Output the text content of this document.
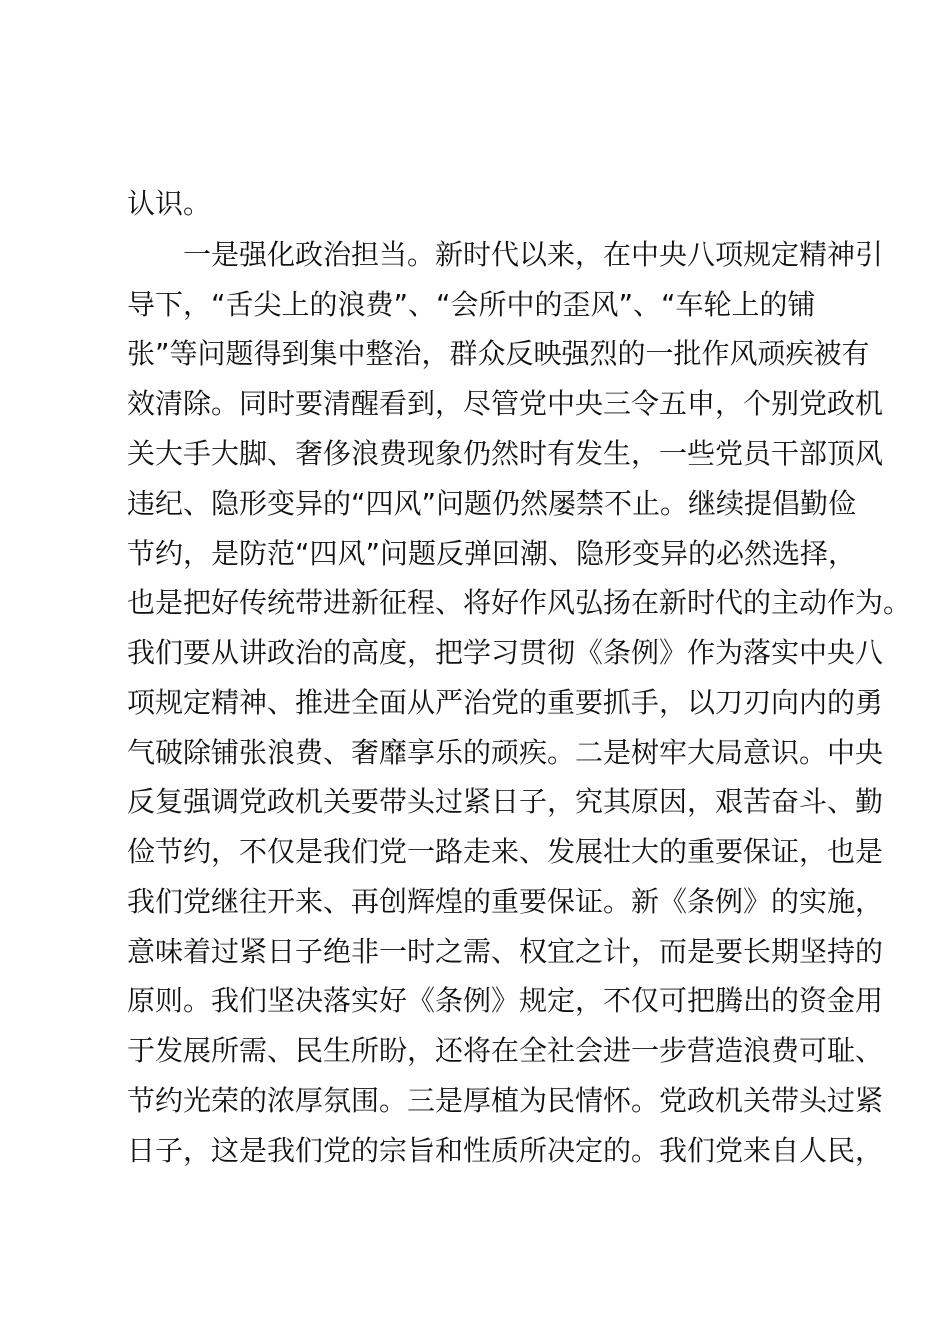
认识。
一是强化政治担当。新时代以来，在中央八项规定精神引
导下，“舌尖上的浪费”、“会所中的歪风”、“车轮上的铺
张”等问题得到集中整治，群众反映强烈的一批作风顽疾被有
效清除。同时要清醒看到，尽管党中央三令五申，个别党政机
关大手大脚、奢侈浪费现象仍然时有发生，一些党员干部顶风
违纪、隐形变异的“四风”问题仍然屡禁不止。继续提倡勤俭
节约，是防范“四风”问题反弹回潮、隐形变异的必然选择，
也是把好传统带进新征程、将好作风弘扬在新时代的主动作为。
我们要从讲政治的高度，把学习贯彻《条例》作为落实中央八
项规定精神、推进全面从严治党的重要抓手，以刀刃向内的勇
气破除铺张浪费、奢靡享乐的顽疾。二是树牢大局意识。中央
反复强调党政机关要带头过紧日子，究其原因，艰苦奋斗、勤
俭节约，不仅是我们党一路走来、发展壮大的重要保证，也是
我们党继往开来、再创辉煌的重要保证。新《条例》的实施，
意味着过紧日子绝非一时之需、权宜之计，而是要长期坚持的
原则。我们坚决落实好《条例》规定，不仅可把腾出的资金用
于发展所需、民生所盼，还将在全社会进一步营造浪费可耻、
节约光荣的浓厚氛围。三是厚植为民情怀。党政机关带头过紧
日子，这是我们党的宗旨和性质所决定的。我们党来自人民，
